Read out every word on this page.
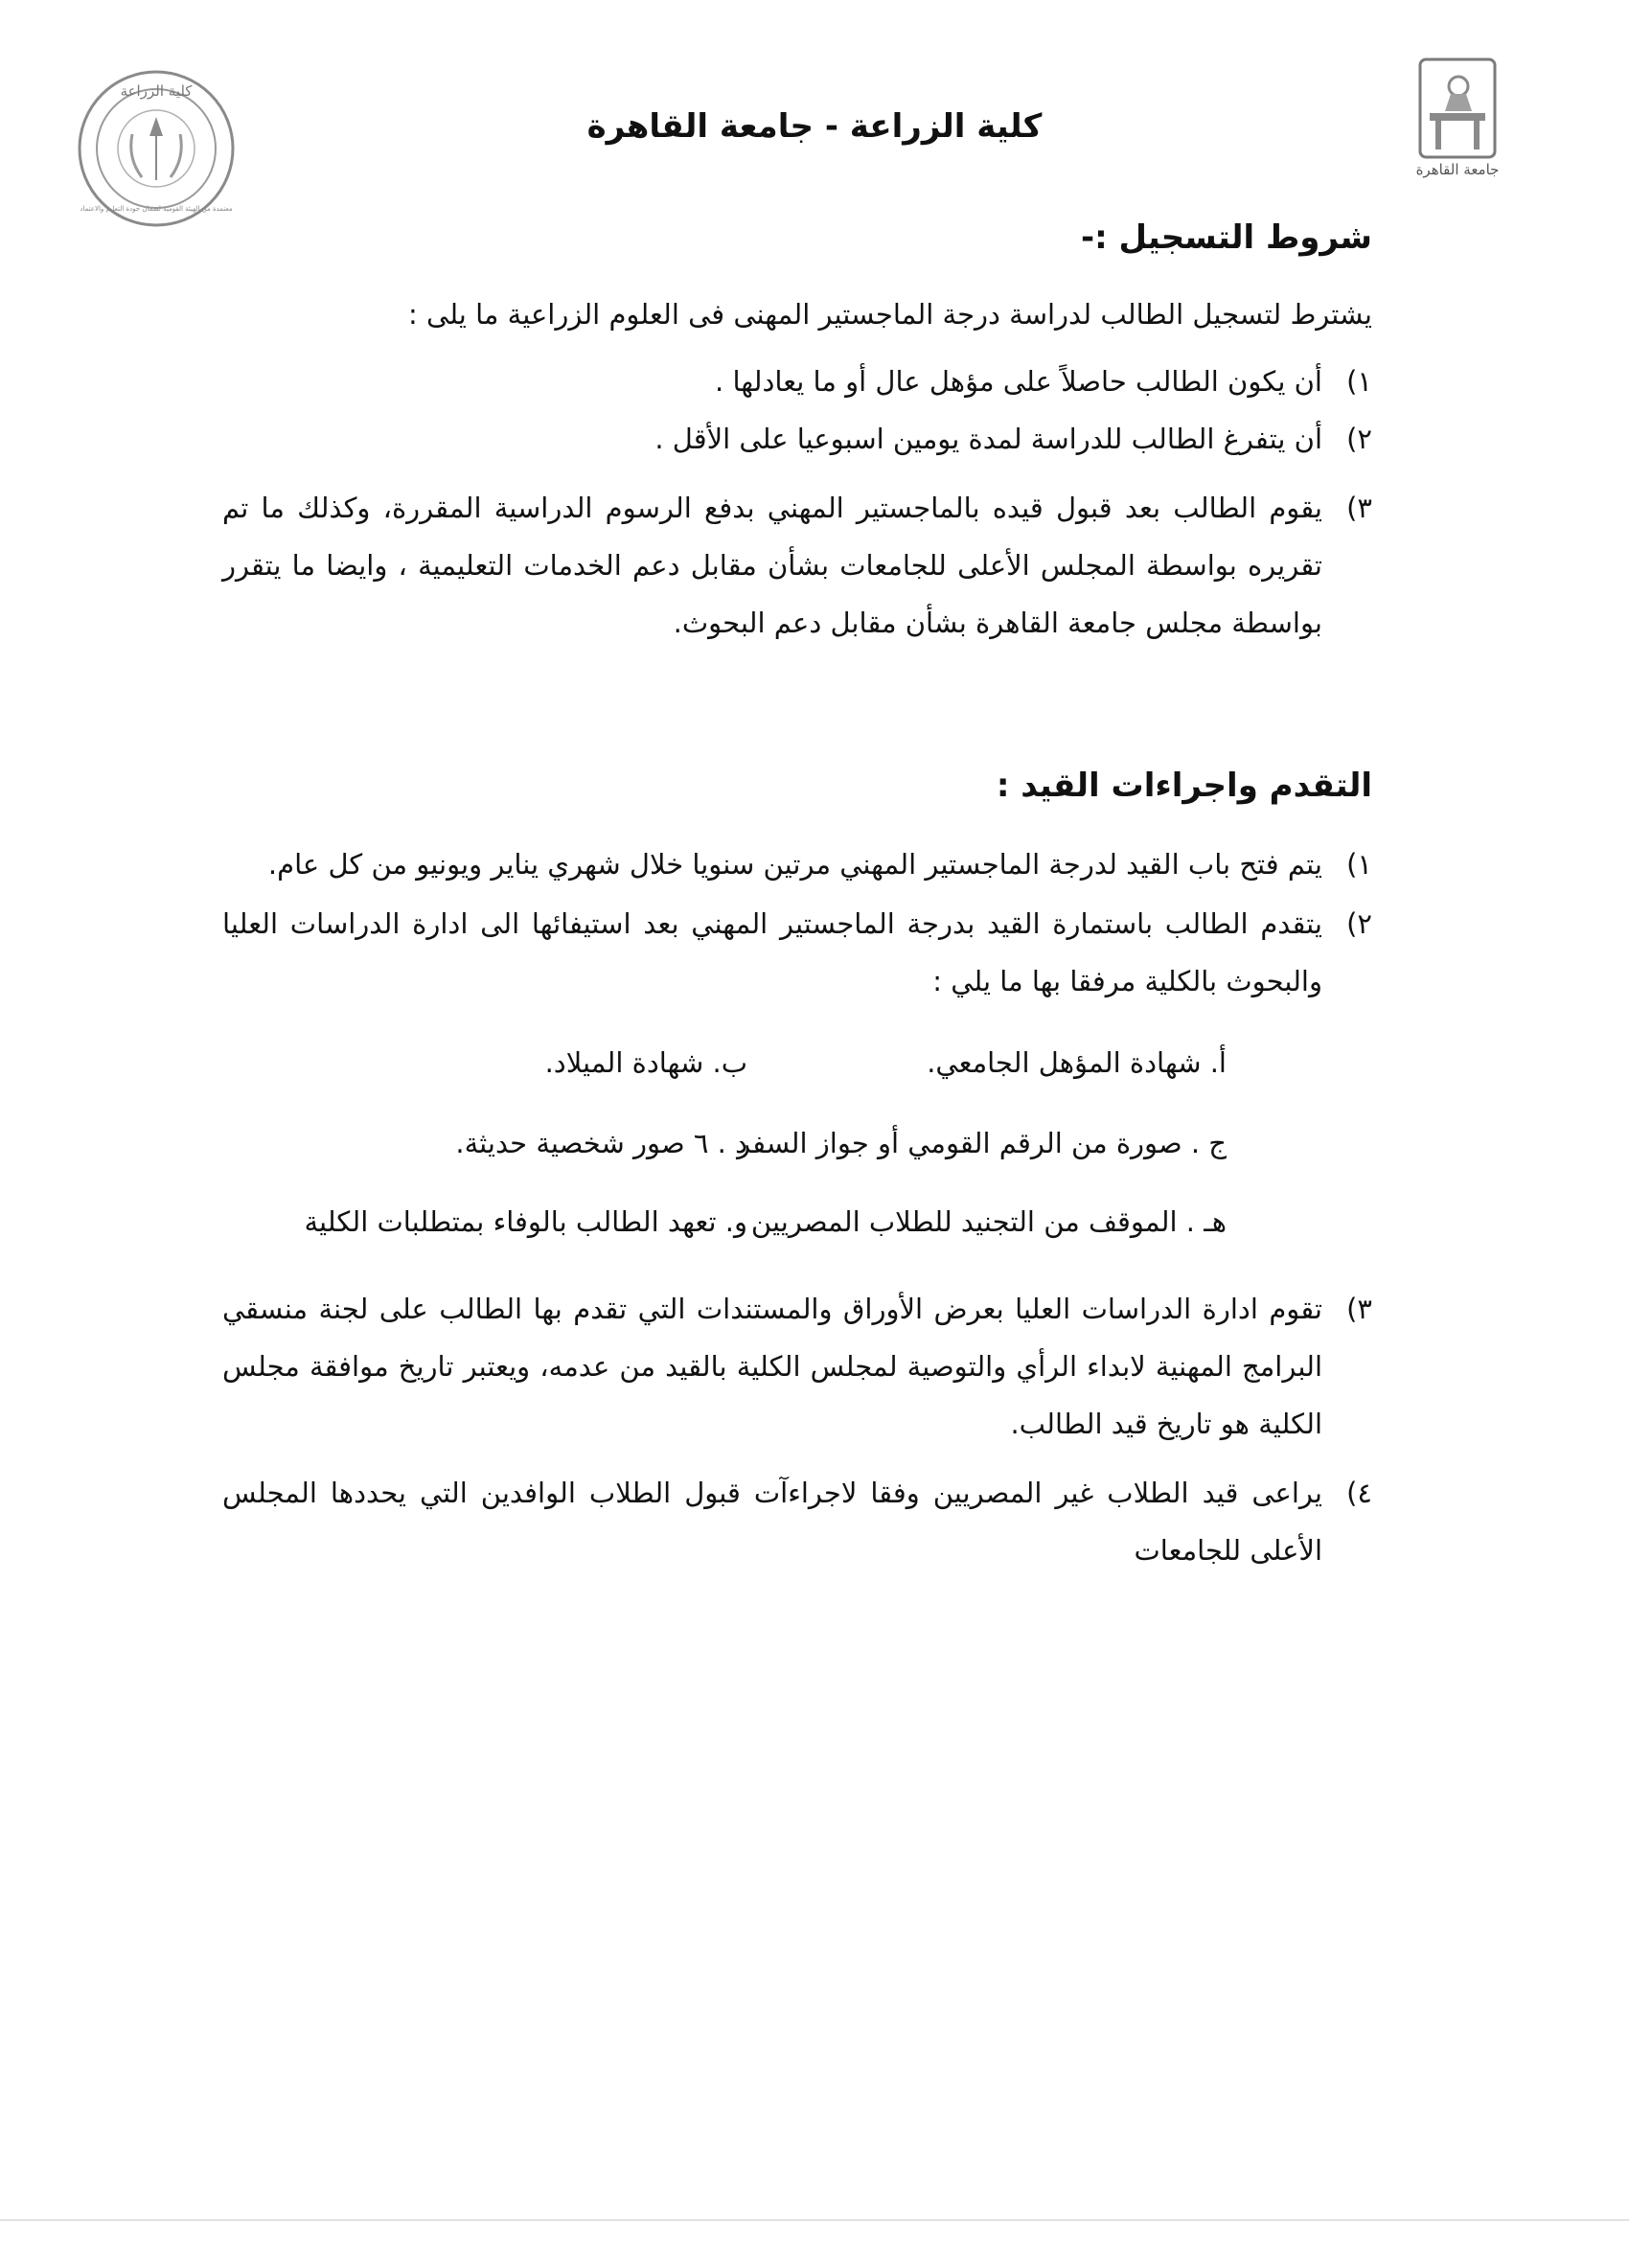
كلية الزراعة
معتمدة من الهيئة القومية لضمان جودة التعليم والاعتماد
جامعة القاهرة
كلية الزراعة - جامعة القاهرة
شروط التسجيل :-
يشترط لتسجيل الطالب لدراسة درجة الماجستير المهنى فى العلوم الزراعية ما يلى :
١)
أن يكون الطالب حاصلاً على مؤهل عال أو ما يعادلها .
٢)
أن يتفرغ الطالب للدراسة لمدة يومين اسبوعيا على الأقل .
٣)
يقوم الطالب بعد قبول قيده بالماجستير المهني بدفع الرسوم الدراسية المقررة، وكذلك ما تم تقريره بواسطة المجلس الأعلى للجامعات بشأن مقابل دعم الخدمات التعليمية ، وايضا ما يتقرر بواسطة مجلس جامعة القاهرة بشأن مقابل دعم البحوث.
التقدم واجراءات القيد :
١)
يتم فتح باب القيد لدرجة الماجستير المهني مرتين سنويا خلال شهري يناير ويونيو من كل عام.
٢)
يتقدم الطالب باستمارة القيد بدرجة الماجستير المهني بعد استيفائها الى ادارة الدراسات العليا والبحوث بالكلية مرفقا بها ما يلي :
أ. شهادة المؤهل الجامعي.
ب. شهادة الميلاد.
ج . صورة من الرقم القومي أو جواز السفر
د . ٦ صور شخصية حديثة.
هـ . الموقف من التجنيد للطلاب المصريين
و. تعهد الطالب بالوفاء بمتطلبات الكلية
٣)
تقوم ادارة الدراسات العليا بعرض الأوراق والمستندات التي تقدم بها الطالب على لجنة منسقي البرامج المهنية لابداء الرأي والتوصية لمجلس الكلية بالقيد من عدمه، ويعتبر تاريخ موافقة مجلس الكلية هو تاريخ قيد الطالب.
٤)
يراعى قيد الطلاب غير المصريين وفقا لاجراءآت قبول الطلاب الوافدين التي يحددها المجلس الأعلى للجامعات
